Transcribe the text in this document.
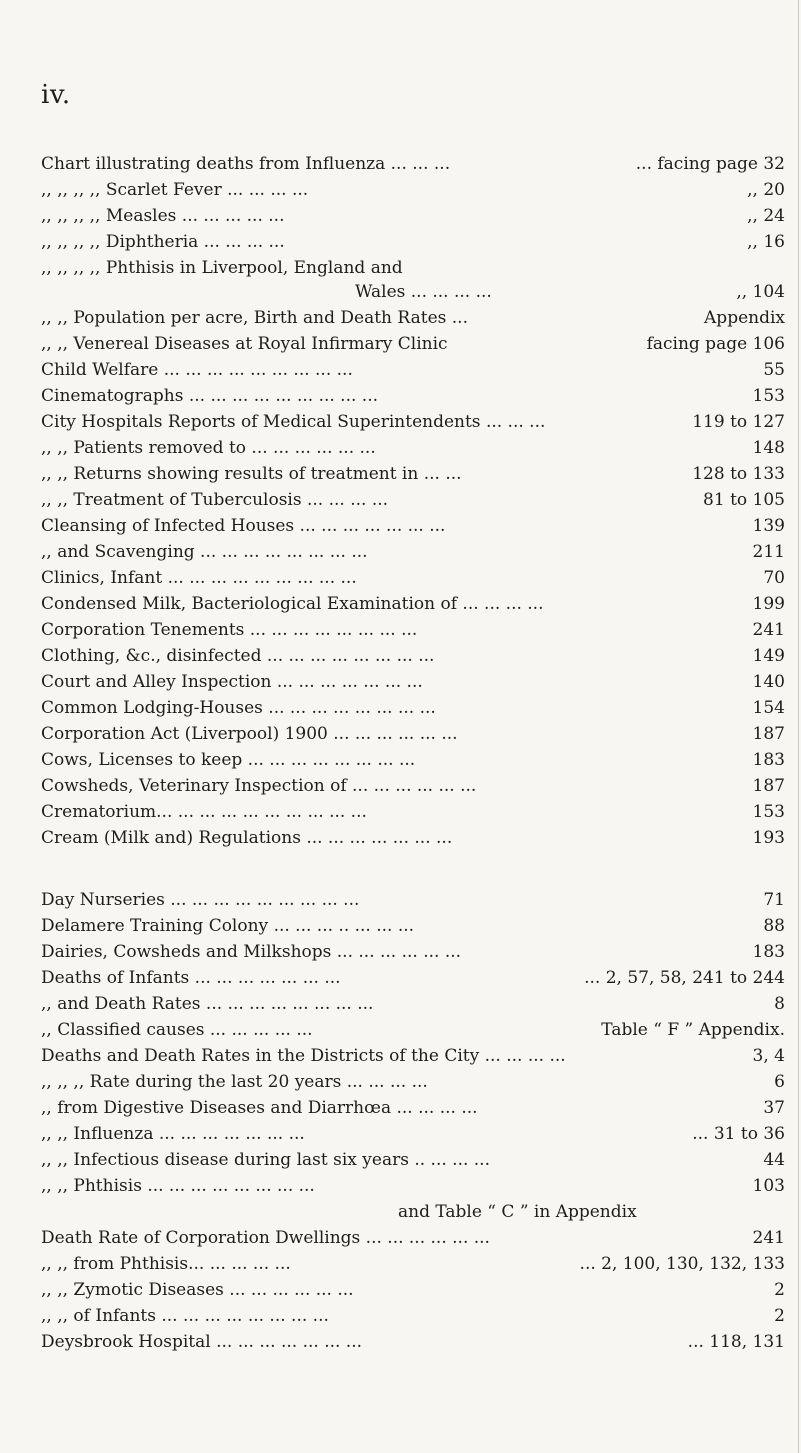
iv.
Chart illustrating deaths from Influenza ... ... ...	... facing page 32
,, ,, ,, ,, Scarlet Fever ... ... ... ...	,, 20
,, ,, ,, ,, Measles ... ... ... ... ...	,, 24
,, ,, ,, ,, Diphtheria ... ... ... ...	,, 16
,, ,, ,, ,, Phthisis in Liverpool, England and
Wales ... ... ... ...	,, 104
,, ,, Population per acre, Birth and Death Rates ...	Appendix
,, ,, Venereal Diseases at Royal Infirmary Clinic	facing page 106
Child Welfare ... ... ... ... ... ... ... ... ...	55
Cinematographs ... ... ... ... ... ... ... ... ...	153
City Hospitals Reports of Medical Superintendents ... ... ...	119 to 127
,, ,, Patients removed to ... ... ... ... ... ...	148
,, ,, Returns showing results of treatment in ... ...	128 to 133
,, ,, Treatment of Tuberculosis ... ... ... ...	81 to 105
Cleansing of Infected Houses ... ... ... ... ... ... ...	139
,, and Scavenging ... ... ... ... ... ... ... ...	211
Clinics, Infant ... ... ... ... ... ... ... ... ...	70
Condensed Milk, Bacteriological Examination of ... ... ... ...	199
Corporation Tenements ... ... ... ... ... ... ... ...	241
Clothing, &c., disinfected ... ... ... ... ... ... ... ...	149
Court and Alley Inspection ... ... ... ... ... ... ...	140
Common Lodging-Houses ... ... ... ... ... ... ... ...	154
Corporation Act (Liverpool) 1900 ... ... ... ... ... ...	187
Cows, Licenses to keep ... ... ... ... ... ... ... ...	183
Cowsheds, Veterinary Inspection of ... ... ... ... ... ...	187
Crematorium... ... ... ... ... ... ... ... ... ...	153
Cream (Milk and) Regulations ... ... ... ... ... ... ...	193
Day Nurseries ... ... ... ... ... ... ... ... ...	71
Delamere Training Colony ... ... ... .. ... ... ...	88
Dairies, Cowsheds and Milkshops ... ... ... ... ... ...	183
Deaths of Infants ... ... ... ... ... ... ...	... 2, 57, 58, 241 to 244
,, and Death Rates ... ... ... ... ... ... ... ...	8
,, Classified causes ... ... ... ... ...	Table “ F ” Appendix.
Deaths and Death Rates in the Districts of the City ... ... ... ...	3, 4
,, ,, ,, Rate during the last 20 years ... ... ... ...	6
,, from Digestive Diseases and Diarrhœa ... ... ... ...	37
,, ,, Influenza ... ... ... ... ... ... ...	... 31 to 36
,, ,, Infectious disease during last six years .. ... ... ...	44
,, ,, Phthisis ... ... ... ... ... ... ... ...	103
and Table “ C ” in Appendix
Death Rate of Corporation Dwellings ... ... ... ... ... ...	241
,, ,, from Phthisis... ... ... ... ...	... 2, 100, 130, 132, 133
,, ,, Zymotic Diseases ... ... ... ... ... ...	2
,, ,, of Infants ... ... ... ... ... ... ... ...	2
Deysbrook Hospital ... ... ... ... ... ... ...	... 118, 131
